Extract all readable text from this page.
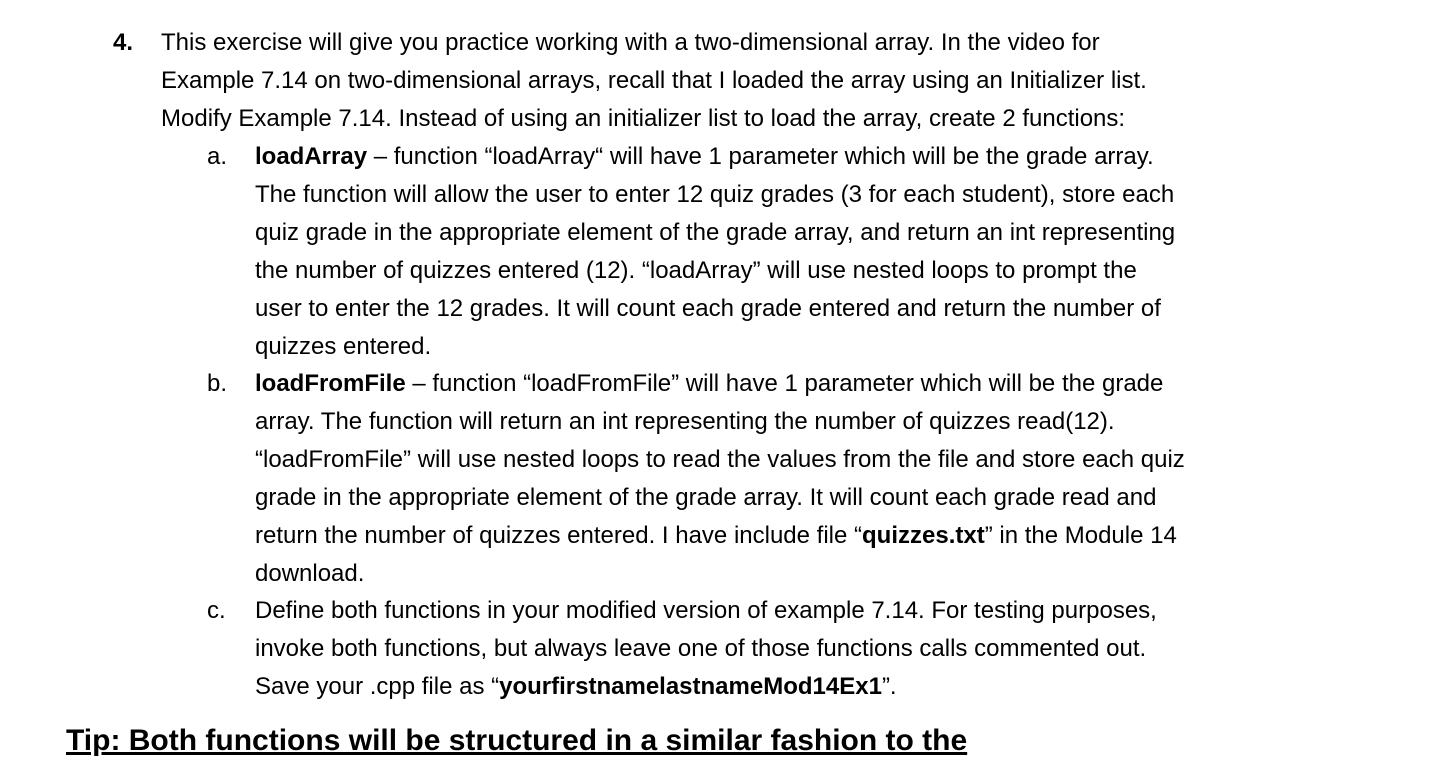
4. This exercise will give you practice working with a two-dimensional array. In the video for
Example 7.14 on two-dimensional arrays, recall that I loaded the array using an Initializer list.
Modify Example 7.14. Instead of using an initializer list to load the array, create 2 functions:
a. loadArray – function “loadArray“ will have 1 parameter which will be the grade array.
The function will allow the user to enter 12 quiz grades (3 for each student), store each
quiz grade in the appropriate element of the grade array, and return an int representing
the number of quizzes entered (12). “loadArray” will use nested loops to prompt the
user to enter the 12 grades. It will count each grade entered and return the number of
quizzes entered.
b. loadFromFile – function “loadFromFile” will have 1 parameter which will be the grade
array. The function will return an int representing the number of quizzes read(12).
“loadFromFile” will use nested loops to read the values from the file and store each quiz
grade in the appropriate element of the grade array. It will count each grade read and
return the number of quizzes entered. I have include file “quizzes.txt” in the Module 14
download.
c. Define both functions in your modified version of example 7.14. For testing purposes,
invoke both functions, but always leave one of those functions calls commented out.
Save your .cpp file as “yourfirstnamelastnameMod14Ex1”.
Tip: Both functions will be structured in a similar fashion to the
